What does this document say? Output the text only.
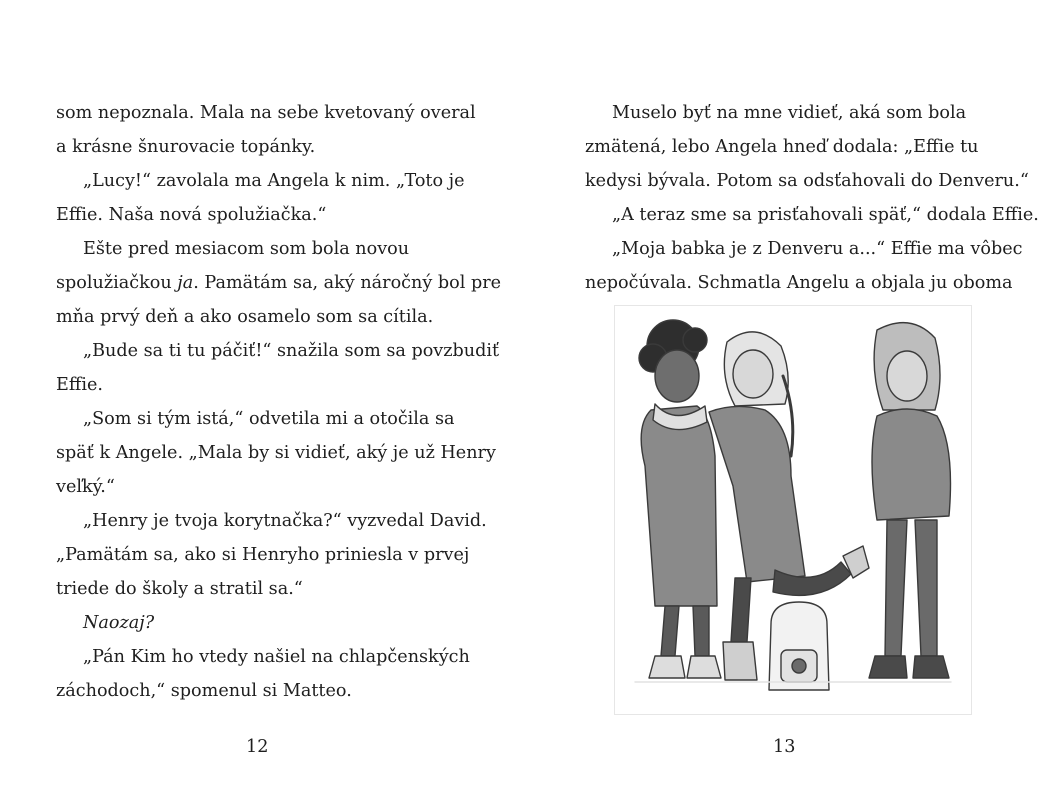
som nepoznala. Mala na sebe kvetovaný overal
a krásne šnurovacie topánky.
„Lucy!“ zavolala ma Angela k nim. „Toto je
Effie. Naša nová spolužiačka.“
Ešte pred mesiacom som bola novou
spolužiačkou ja. Pamätám sa, aký náročný bol pre
mňa prvý deň a ako osamelo som sa cítila.
„Bude sa ti tu páčiť!“ snažila som sa povzbudiť
Effie.
„Som si tým istá,“ odvetila mi a otočila sa
späť k Angele. „Mala by si vidieť, aký je už Henry
veľký.“
„Henry je tvoja korytnačka?“ vyzvedal David.
„Pamätám sa, ako si Henryho priniesla v prvej
triede do školy a stratil sa.“
Naozaj?
„Pán Kim ho vtedy našiel na chlapčenských
záchodoch,“ spomenul si Matteo.
Muselo byť na mne vidieť, aká som bola
zmätená, lebo Angela hneď dodala: „Effie tu
kedysi bývala. Potom sa odsťahovali do Denveru.“
„A teraz sme sa prisťahovali späť,“ dodala Effie.
„Moja babka je z Denveru a...“ Effie ma vôbec
nepočúvala. Schmatla Angelu a objala ju oboma
12	13
